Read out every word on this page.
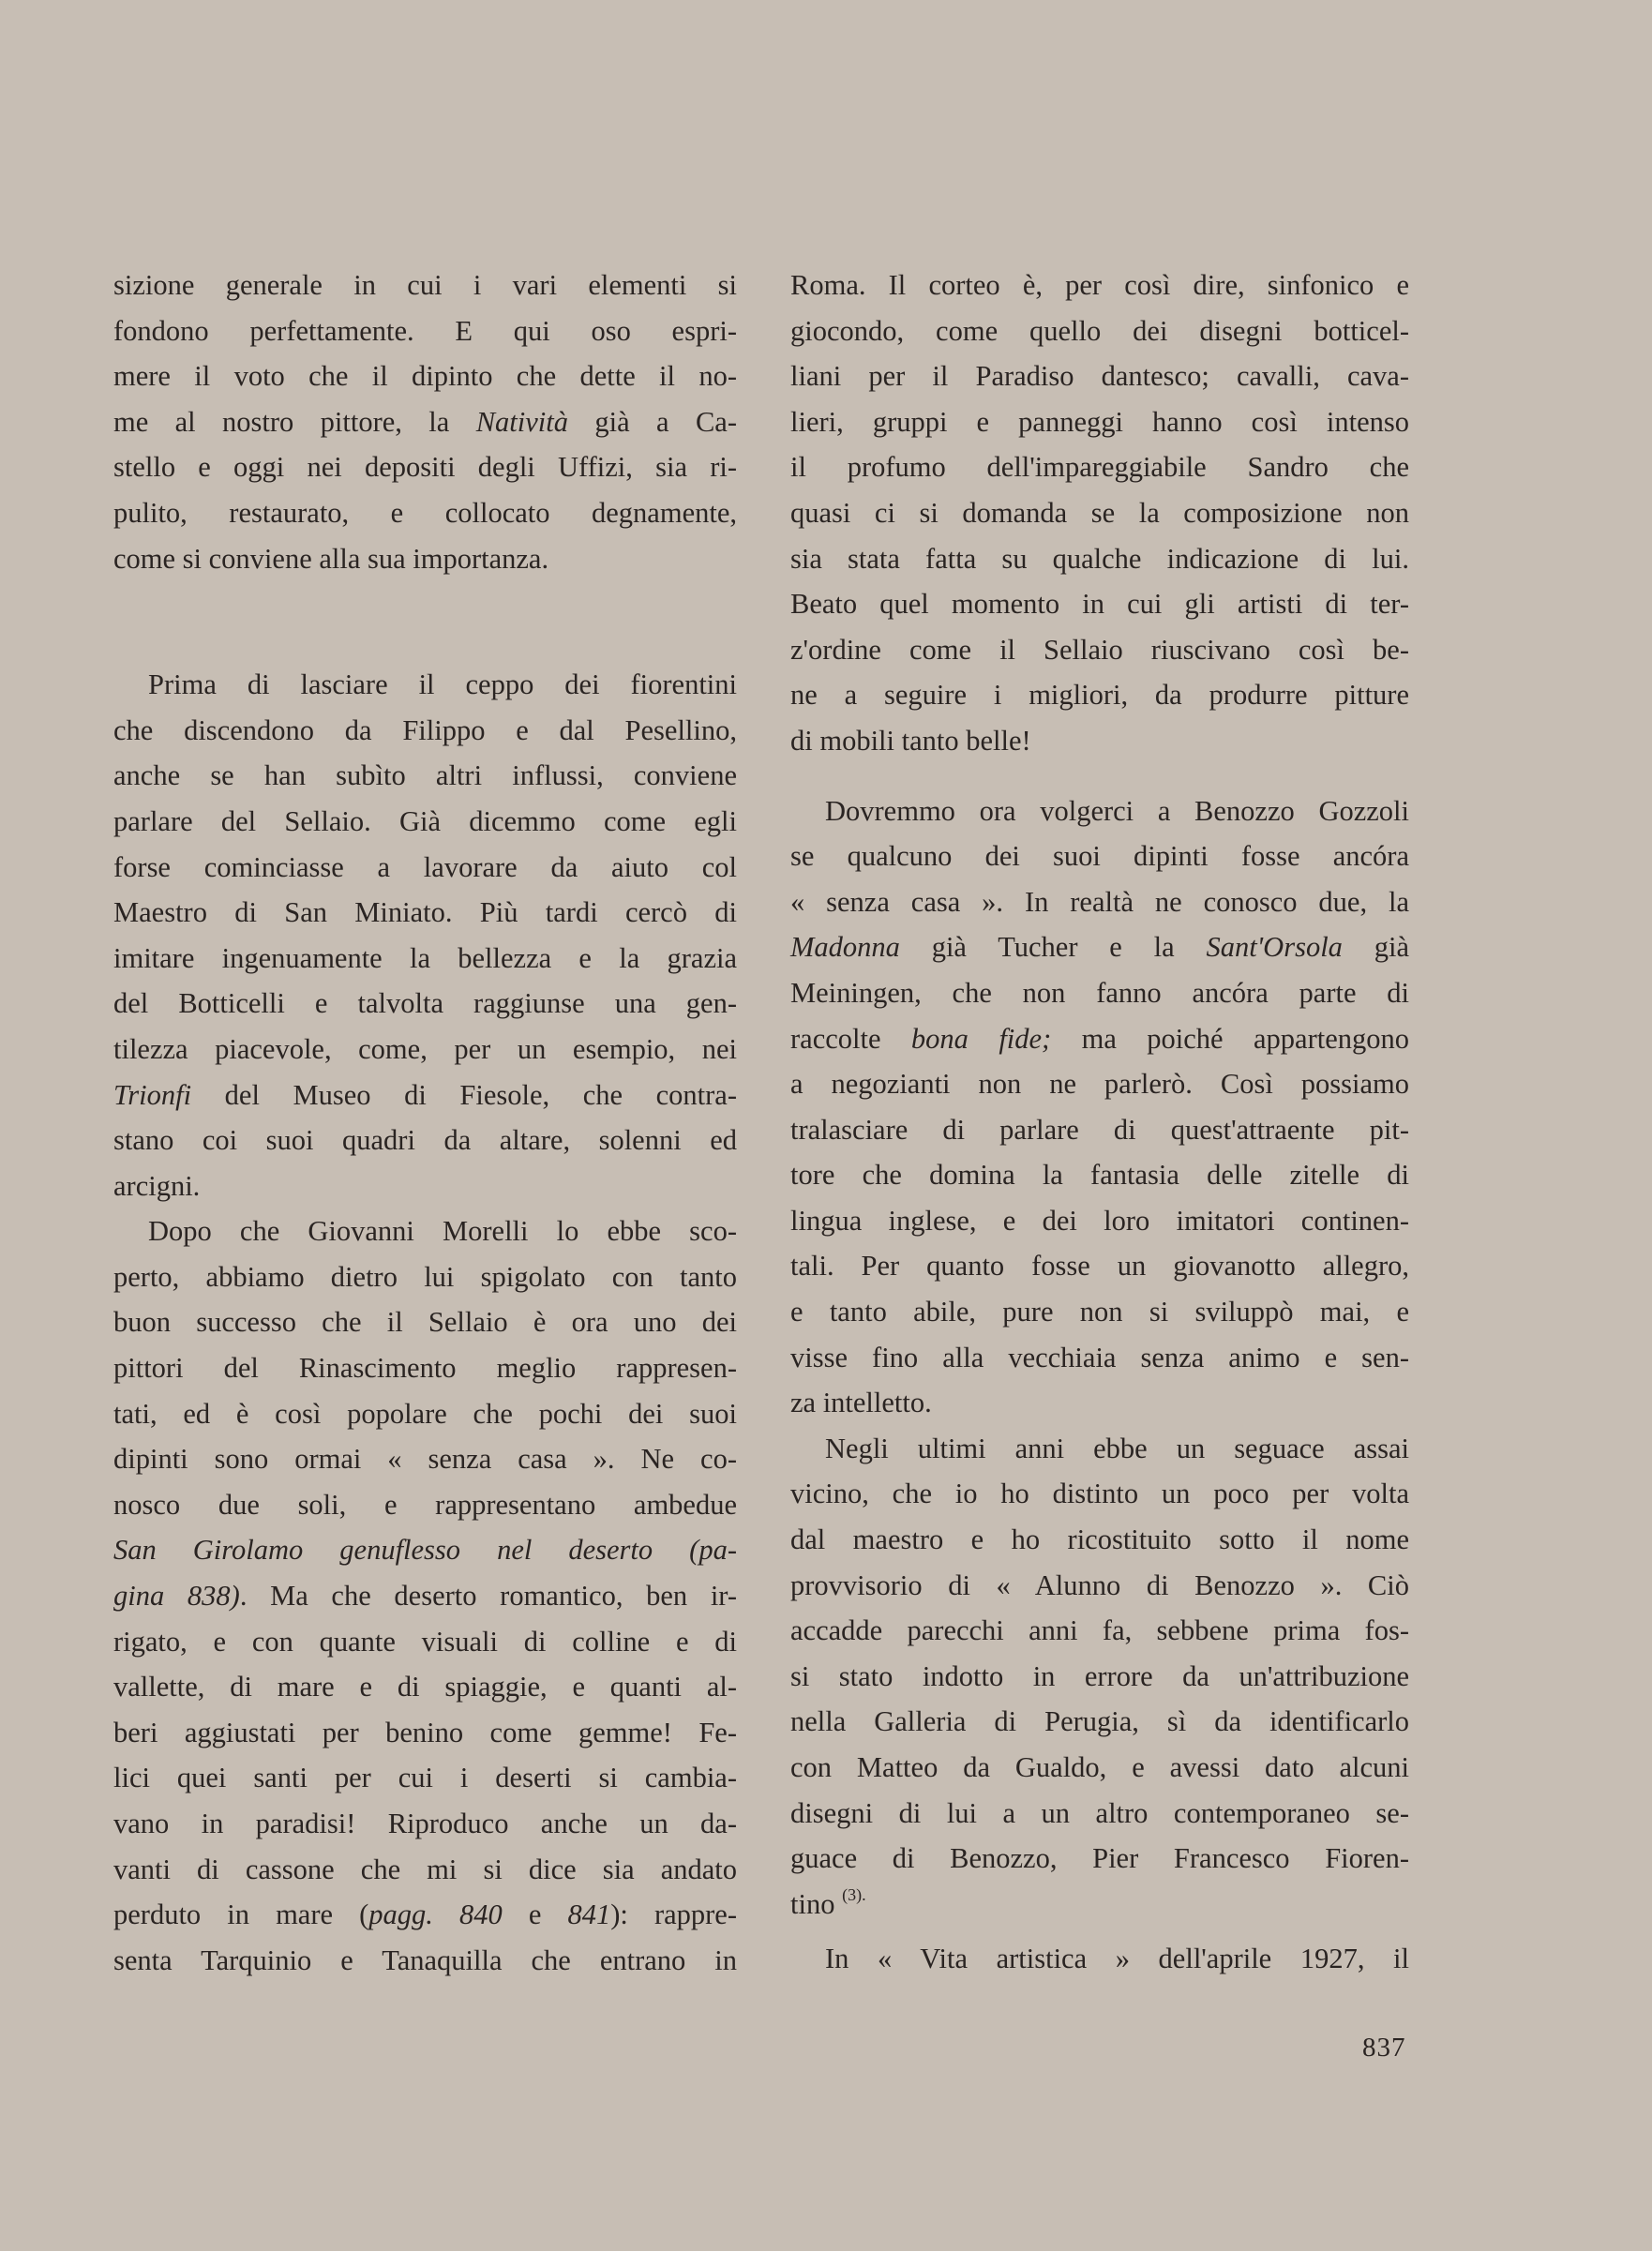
sizione generale in cui i vari elementi si
fondono perfettamente. E qui oso espri-
mere il voto che il dipinto che dette il no-
me al nostro pittore, la Natività già a Ca-
stello e oggi nei depositi degli Uffizi, sia ri-
pulito, restaurato, e collocato degnamente,
come si conviene alla sua importanza.
Prima di lasciare il ceppo dei fiorentini
che discendono da Filippo e dal Pesellino,
anche se han subìto altri influssi, conviene
parlare del Sellaio. Già dicemmo come egli
forse cominciasse a lavorare da aiuto col
Maestro di San Miniato. Più tardi cercò di
imitare ingenuamente la bellezza e la grazia
del Botticelli e talvolta raggiunse una gen-
tilezza piacevole, come, per un esempio, nei
Trionfi del Museo di Fiesole, che contra-
stano coi suoi quadri da altare, solenni ed
arcigni.
Dopo che Giovanni Morelli lo ebbe sco-
perto, abbiamo dietro lui spigolato con tanto
buon successo che il Sellaio è ora uno dei
pittori del Rinascimento meglio rappresen-
tati, ed è così popolare che pochi dei suoi
dipinti sono ormai « senza casa ». Ne co-
nosco due soli, e rappresentano ambedue
San Girolamo genuflesso nel deserto (pa-
gina 838). Ma che deserto romantico, ben ir-
rigato, e con quante visuali di colline e di
vallette, di mare e di spiaggie, e quanti al-
beri aggiustati per benino come gemme! Fe-
lici quei santi per cui i deserti si cambia-
vano in paradisi! Riproduco anche un da-
vanti di cassone che mi si dice sia andato
perduto in mare (pagg. 840 e 841): rappre-
senta Tarquinio e Tanaquilla che entrano in
Roma. Il corteo è, per così dire, sinfonico e
giocondo, come quello dei disegni botticel-
liani per il Paradiso dantesco; cavalli, cava-
lieri, gruppi e panneggi hanno così intenso
il profumo dell'impareggiabile Sandro che
quasi ci si domanda se la composizione non
sia stata fatta su qualche indicazione di lui.
Beato quel momento in cui gli artisti di ter-
z'ordine come il Sellaio riuscivano così be-
ne a seguire i migliori, da produrre pitture
di mobili tanto belle!
Dovremmo ora volgerci a Benozzo Gozzoli
se qualcuno dei suoi dipinti fosse ancóra
« senza casa ». In realtà ne conosco due, la
Madonna già Tucher e la Sant'Orsola già
Meiningen, che non fanno ancóra parte di
raccolte bona fide; ma poiché appartengono
a negozianti non ne parlerò. Così possiamo
tralasciare di parlare di quest'attraente pit-
tore che domina la fantasia delle zitelle di
lingua inglese, e dei loro imitatori continen-
tali. Per quanto fosse un giovanotto allegro,
e tanto abile, pure non si sviluppò mai, e
visse fino alla vecchiaia senza animo e sen-
za intelletto.
Negli ultimi anni ebbe un seguace assai
vicino, che io ho distinto un poco per volta
dal maestro e ho ricostituito sotto il nome
provvisorio di « Alunno di Benozzo ». Ciò
accadde parecchi anni fa, sebbene prima fos-
si stato indotto in errore da un'attribuzione
nella Galleria di Perugia, sì da identificarlo
con Matteo da Gualdo, e avessi dato alcuni
disegni di lui a un altro contemporaneo se-
guace di Benozzo, Pier Francesco Fioren-
tino $^{(3).}$
In « Vita artistica » dell'aprile 1927, il
837
